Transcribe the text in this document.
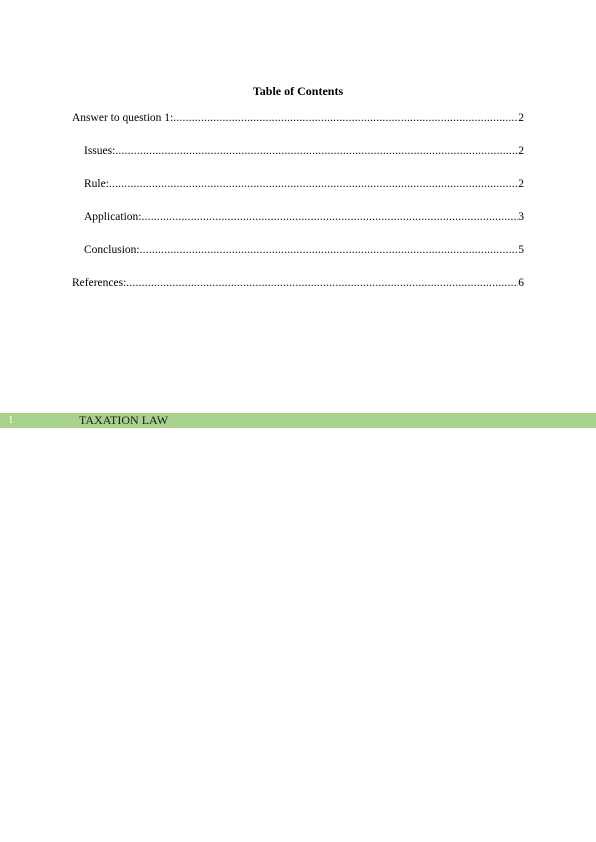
Table of Contents
Answer to question 1: .....	2
Issues: .....	2
Rule: .....	2
Application: .....	3
Conclusion: .....	5
References: .....	6
1	TAXATION LAW
